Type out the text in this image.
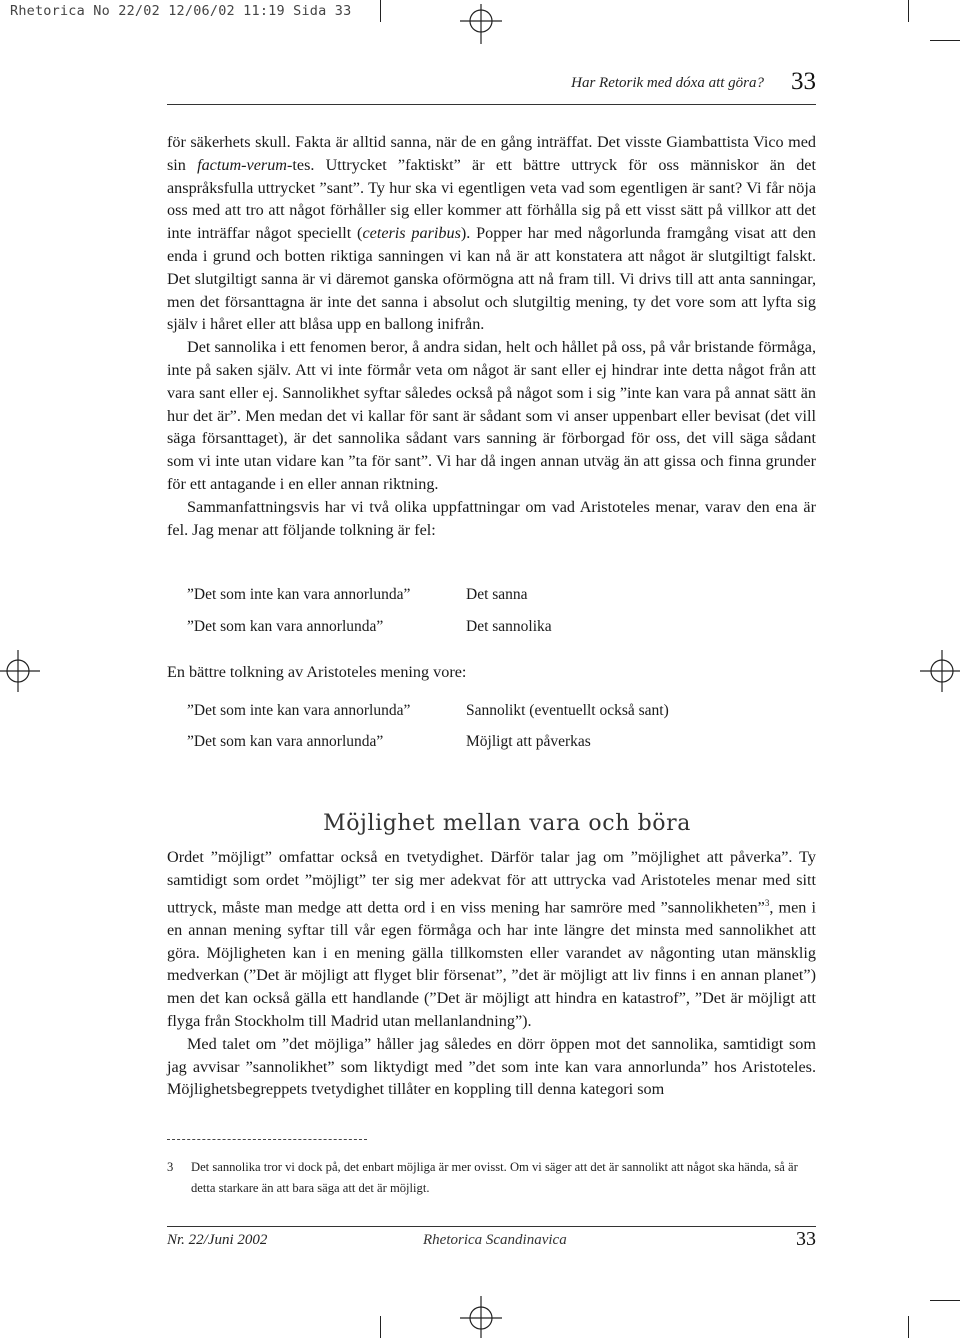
Rhetorica No 22/02 12/06/02 11:19 Sida 33
Har Retorik med dóxa att göra? 33

för säkerhets skull. Fakta är alltid sanna, när de en gång inträffat. Det visste Giambattista Vico med sin factum-verum-tes. Uttrycket ”faktiskt” är ett bättre uttryck för oss människor än det anspråksfulla uttrycket ”sant”. Ty hur ska vi egentligen veta vad som egentligen är sant? Vi får nöja oss med att tro att något förhåller sig eller kommer att förhålla sig på ett visst sätt på villkor att det inte inträffar något speciellt (ceteris paribus). Popper har med någorlunda framgång visat att den enda i grund och botten riktiga sanningen vi kan nå är att konstatera att något är slutgiltigt falskt. Det slutgiltigt sanna är vi däremot ganska oförmögna att nå fram till. Vi drivs till att anta sanningar, men det försanttagna är inte det sanna i absolut och slutgiltig mening, ty det vore som att lyfta sig själv i håret eller att blåsa upp en ballong inifrån.

Det sannolika i ett fenomen beror, å andra sidan, helt och hållet på oss, på vår bristande förmåga, inte på saken själv. Att vi inte förmår veta om något är sant eller ej hindrar inte detta något från att vara sant eller ej. Sannolikhet syftar således också på något som i sig ”inte kan vara på annat sätt än hur det är”. Men medan det vi kallar för sant är sådant som vi anser uppenbart eller bevisat (det vill säga försanttaget), är det sannolika sådant vars sanning är förborgad för oss, det vill säga sådant som vi inte utan vidare kan ”ta för sant”. Vi har då ingen annan utväg än att gissa och finna grunder för ett antagande i en eller annan riktning.

Sammanfattningsvis har vi två olika uppfattningar om vad Aristoteles menar, varav den ena är fel. Jag menar att följande tolkning är fel:

”Det som inte kan vara annorlunda”	Det sanna
”Det som kan vara annorlunda”	Det sannolika
En bättre tolkning av Aristoteles mening vore:
”Det som inte kan vara annorlunda”	Sannolikt (eventuellt också sant)
”Det som kan vara annorlunda”	Möjligt att påverkas
Möjlighet mellan vara och böra

Ordet ”möjligt” omfattar också en tvetydighet. Därför talar jag om ”möjlighet att påverka”. Ty samtidigt som ordet ”möjligt” ter sig mer adekvat för att uttrycka vad Aristoteles menar med sitt uttryck, måste man medge att detta ord i en viss mening har samröre med ”sannolikheten”$^3$, men i en annan mening syftar till vår egen förmåga och har inte längre det minsta med sannolikhet att göra. Möjligheten kan i en mening gälla tillkomsten eller varandet av någonting utan mänsklig medverkan (”Det är möjligt att flyget blir försenat”, ”det är möjligt att liv finns i en annan planet”) men det kan också gälla ett handlande (”Det är möjligt att hindra en katastrof”, ”Det är möjligt att flyga från Stockholm till Madrid utan mellanlandning”).

Med talet om ”det möjliga” håller jag således en dörr öppen mot det sannolika, samtidigt som jag avvisar ”sannolikhet” som liktydigt med ”det som inte kan vara annorlunda” hos Aristoteles. Möjlighetsbegreppets tvetydighet tillåter en koppling till denna kategori som

3 Det sannolika tror vi dock på, det enbart möjliga är mer ovisst. Om vi säger att det är sannolikt att något ska hända, så är detta starkare än att bara säga att det är möjligt.
Nr. 22/Juni 2002	Rhetorica Scandinavica	33
